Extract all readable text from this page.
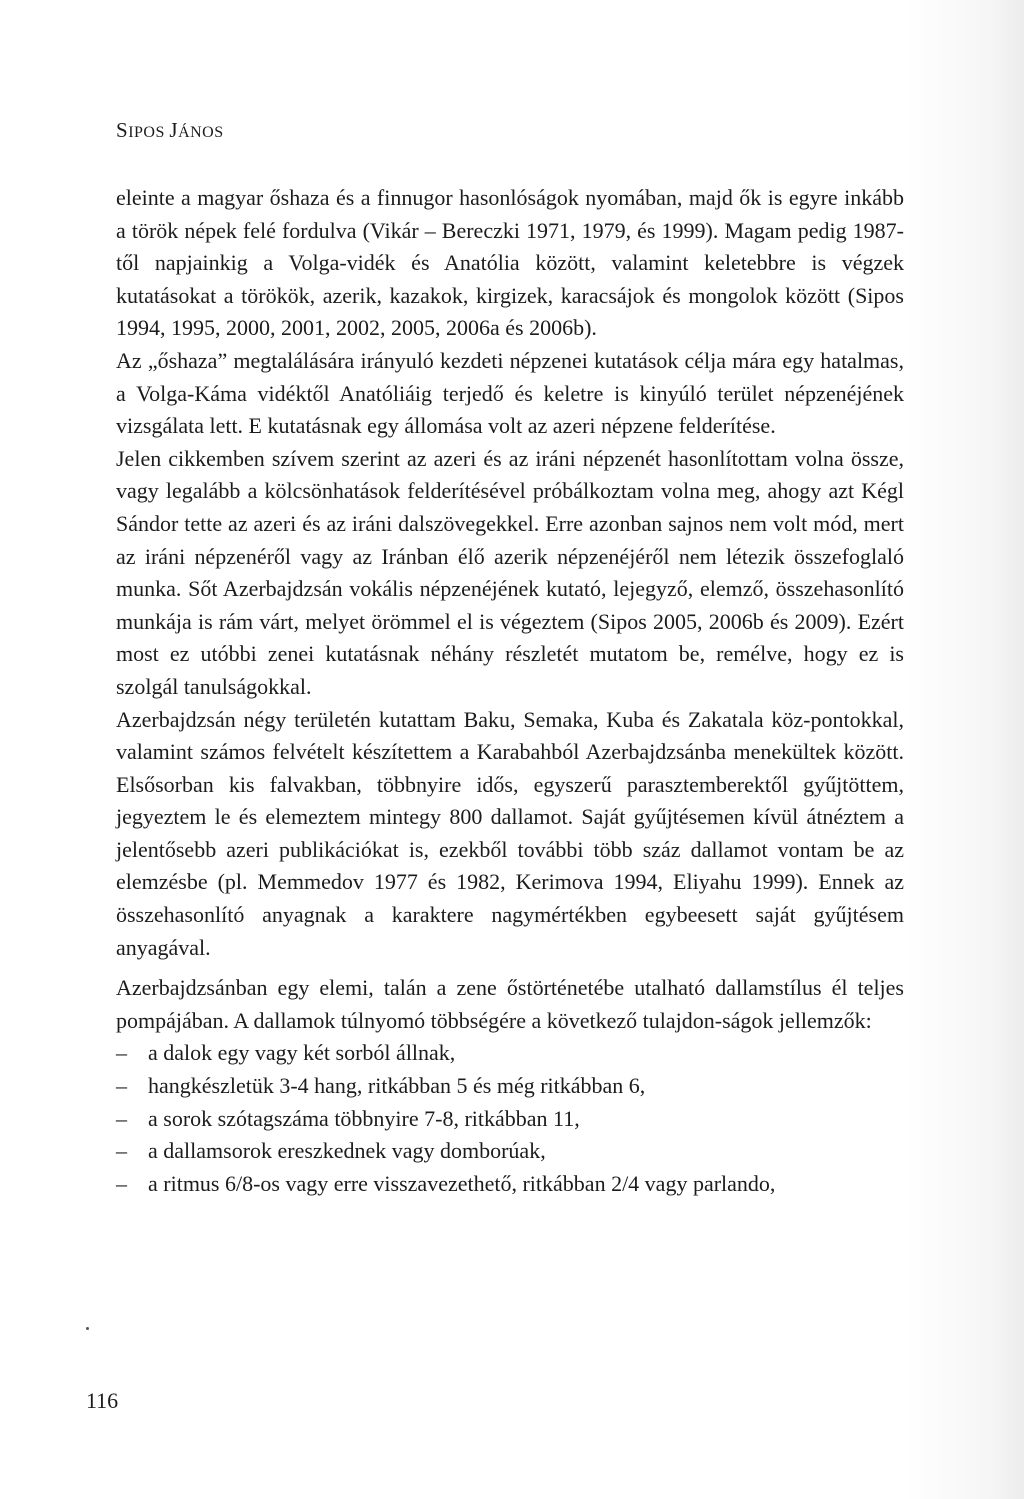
SIPOS JÁNOS

eleinte a magyar őshaza és a finnugor hasonlóságok nyomában, majd ők is egyre inkább a török népek felé fordulva (Vikár – Bereczki 1971, 1979, és 1999). Magam pedig 1987-től napjainkig a Volga-vidék és Anatólia között, valamint keletebbre is végzek kutatásokat a törökök, azerik, kazakok, kirgizek, karacsájok és mongolok között (Sipos 1994, 1995, 2000, 2001, 2002, 2005, 2006a és 2006b).

Az „őshaza” megtalálására irányuló kezdeti népzenei kutatások célja mára egy hatalmas, a Volga-Káma vidéktől Anatóliáig terjedő és keletre is kinyúló terület népzenéjének vizsgálata lett. E kutatásnak egy állomása volt az azeri népzene felderítése.

Jelen cikkemben szívem szerint az azeri és az iráni népzenét hasonlítottam volna össze, vagy legalább a kölcsönhatások felderítésével próbálkoztam volna meg, ahogy azt Kégl Sándor tette az azeri és az iráni dalszövegekkel. Erre azonban sajnos nem volt mód, mert az iráni népzenéről vagy az Iránban élő azerik népzenéjéről nem létezik összefoglaló munka. Sőt Azerbajdzsán vokális népzenéjének kutató, lejegyző, elemző, összehasonlító munkája is rám várt, melyet örömmel el is végeztem (Sipos 2005, 2006b és 2009). Ezért most ez utóbbi zenei kutatásnak néhány részletét mutatom be, remélve, hogy ez is szolgál tanulságokkal.

Azerbajdzsán négy területén kutattam Baku, Semaka, Kuba és Zakatala köz-pontokkal, valamint számos felvételt készítettem a Karabahból Azerbajdzsánba menekültek között. Elsősorban kis falvakban, többnyire idős, egyszerű parasztemberektől gyűjtöttem, jegyeztem le és elemeztem mintegy 800 dallamot. Saját gyűjtésemen kívül átnéztem a jelentősebb azeri publikációkat is, ezekből további több száz dallamot vontam be az elemzésbe (pl. Memmedov 1977 és 1982, Kerimova 1994, Eliyahu 1999). Ennek az összehasonlító anyagnak a karaktere nagymértékben egybeesett saját gyűjtésem anyagával.

Azerbajdzsánban egy elemi, talán a zene őstörténetébe utalható dallamstílus él teljes pompájában. A dallamok túlnyomó többségére a következő tulajdon-ságok jellemzők:

– a dalok egy vagy két sorból állnak,
– hangkészletük 3-4 hang, ritkábban 5 és még ritkábban 6,
– a sorok szótagszáma többnyire 7-8, ritkábban 11,
– a dallamsorok ereszkednek vagy domborúak,
– a ritmus 6/8-os vagy erre visszavezethető, ritkábban 2/4 vagy parlando,
116
